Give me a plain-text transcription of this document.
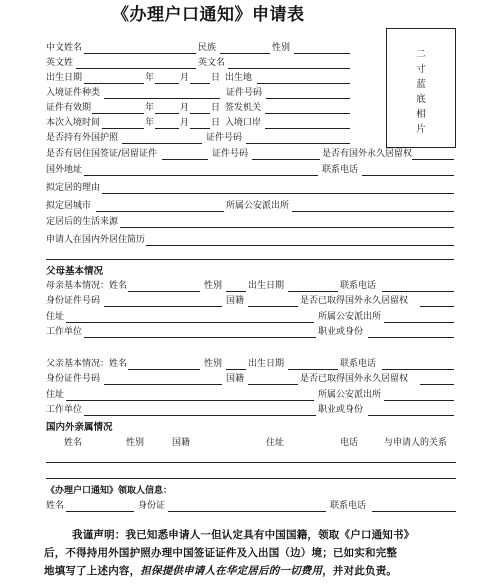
《办理户口通知》申请表
二
寸
蓝
底
相
片
中文姓名	民族	性别
英文姓	英文名
出生日期	年	月 日 出生地
入境证件种类	证件号码
证件有效期	年	月 日 签发机关
本次入境时间	年	月 日 入境口岸
是否持有外国护照	证件号码
是否有居住国签证/居留证件	证件号码	是否有国外永久居留权
国外地址	联系电话
拟定居的理由
拟定居城市	所属公安派出所
定居后的生活来源
申请人在国内外居住简历
父母基本情况
母亲基本情况：姓名	性别	出生日期	联系电话
身份证件号码	国籍	是否已取得国外永久居留权
住址	所属公安派出所
工作单位	职业或身份
父亲基本情况：姓名	性别	出生日期	联系电话
身份证件号码	国籍	是否已取得国外永久居留权
住址	所属公安派出所
工作单位	职业或身份
国内外亲属情况
姓名	性别	国籍	住址	电话	与申请人的关系
《办理户口通知》领取人信息：
姓名	身份证	联系电话
我谨声明：我已知悉申请人一但认定具有中国国籍，领取《户口通知书》
后，不得持用外国护照办理中国签证证件及入出国（边）境；已如实和完整
地填写了上述内容，担保提供申请人在华定居后的一切费用，并对此负责。
